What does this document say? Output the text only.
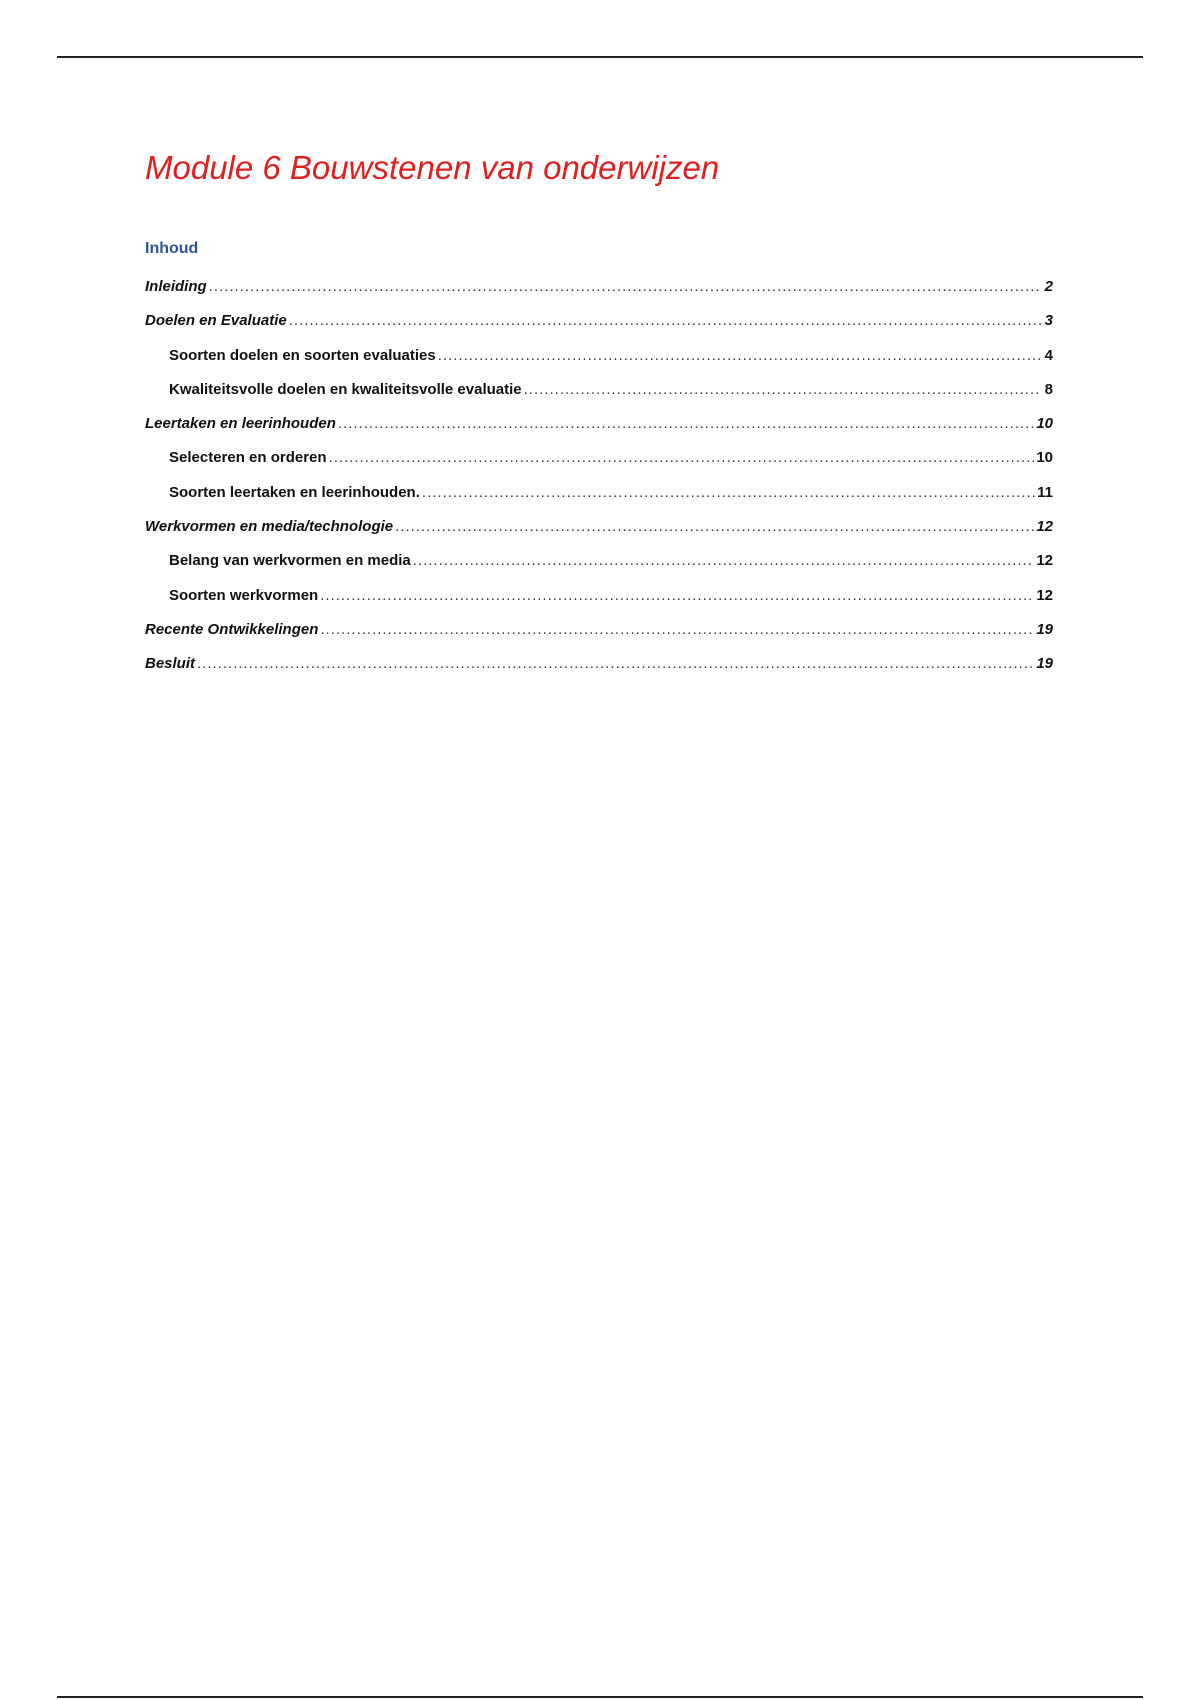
Module 6 Bouwstenen van onderwijzen
Inhoud
Inleiding .....	2
Doelen en Evaluatie .....	3
Soorten doelen en soorten evaluaties .....	4
Kwaliteitsvolle doelen en kwaliteitsvolle evaluatie .....	8
Leertaken en leerinhouden .....	10
Selecteren en orderen .....	10
Soorten leertaken en leerinhouden. .....	11
Werkvormen en media/technologie .....	12
Belang van werkvormen en media .....	12
Soorten werkvormen .....	12
Recente Ontwikkelingen .....	19
Besluit .....	19
